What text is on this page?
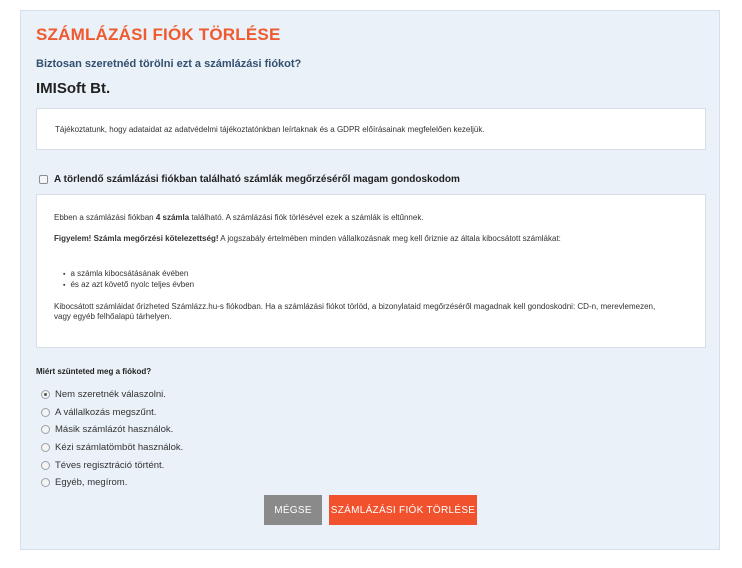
SZÁMLÁZÁSI FIÓK TÖRLÉSE
Biztosan szeretnéd törölni ezt a számlázási fiókot?
IMISoft Bt.
Tájékoztatunk, hogy adataidat az adatvédelmi tájékoztatónkban leírtaknak és a GDPR előírásainak megfelelően kezeljük.
A törlendő számlázási fiókban található számlák megőrzéséről magam gondoskodom

Ebben a számlázási fiókban 4 számla található. A számlázási fiók törlésével ezek a számlák is eltűnnek.

Figyelem! Számla megőrzési kötelezettség! A jogszabály értelmében minden vállalkozásnak meg kell őriznie az általa kibocsátott számlákat:

▪ a számla kibocsátásának évében
▪ és az azt követő nyolc teljes évben

Kibocsátott számláidat őrizheted Számlázz.hu-s fiókodban. Ha a számlázási fiókot törlöd, a bizonylataid megőrzéséről magadnak kell gondoskodni: CD-n, merevlemezen, vagy egyéb felhőalapú tárhelyen.

Miért szünteted meg a fiókod?
Nem szeretnék válaszolni.
A vállalkozás megszűnt.
Másik számlázót használok.
Kézi számlatömböt használok.
Téves regisztráció történt.
Egyéb, megírom.
MÉGSE	SZÁMLÁZÁSI FIÓK TÖRLÉSE
